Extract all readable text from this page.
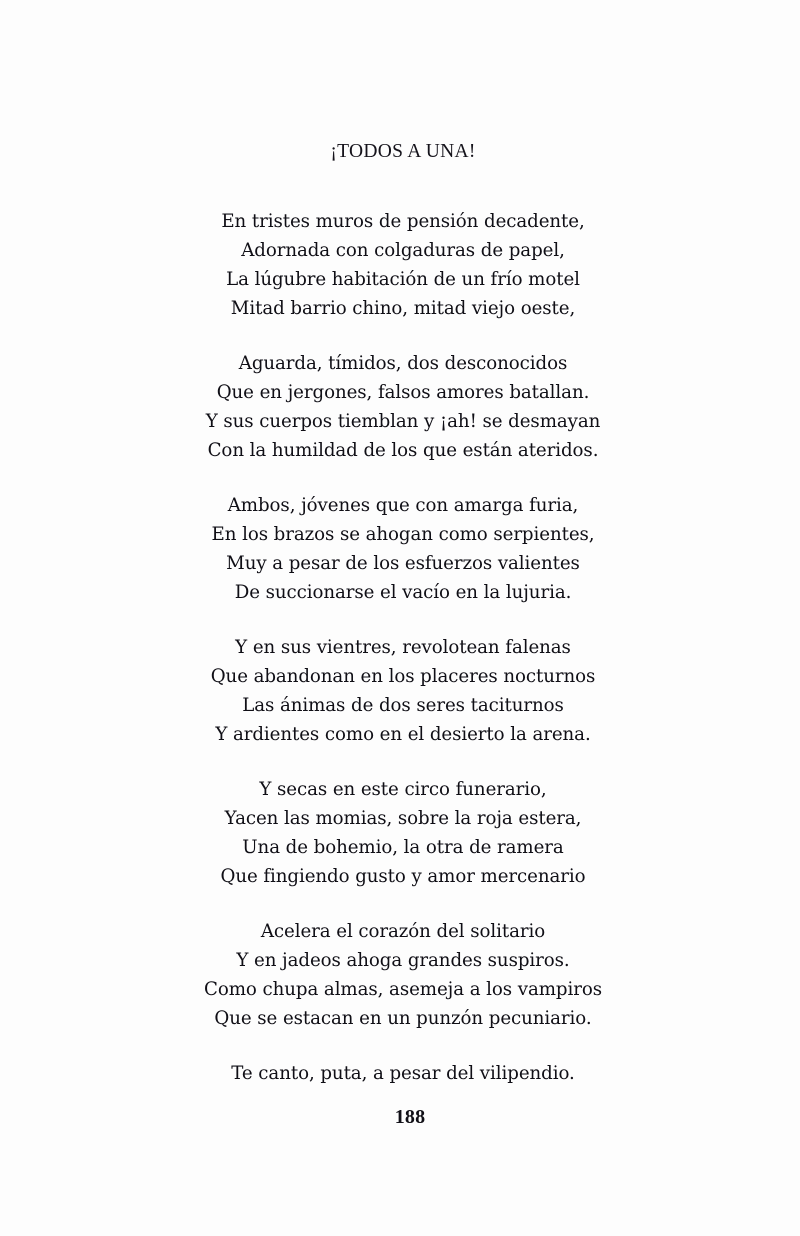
¡TODOS A UNA!
En tristes muros de pensión decadente,
Adornada con colgaduras de papel,
La lúgubre habitación de un frío motel
Mitad barrio chino, mitad viejo oeste,
Aguarda, tímidos, dos desconocidos
Que en jergones, falsos amores batallan.
Y sus cuerpos tiemblan y ¡ah! se desmayan
Con la humildad de los que están ateridos.
Ambos, jóvenes que con amarga furia,
En los brazos se ahogan como serpientes,
Muy a pesar de los esfuerzos valientes
De succionarse el vacío en la lujuria.
Y en sus vientres, revolotean falenas
Que abandonan en los placeres nocturnos
Las ánimas de dos seres taciturnos
Y ardientes como en el desierto la arena.
Y secas en este circo funerario,
Yacen las momias, sobre la roja estera,
Una de bohemio, la otra de ramera
Que fingiendo gusto y amor mercenario
Acelera el corazón del solitario
Y en jadeos ahoga grandes suspiros.
Como chupa almas, asemeja a los vampiros
Que se estacan en un punzón pecuniario.
Te canto, puta, a pesar del vilipendio.
188
